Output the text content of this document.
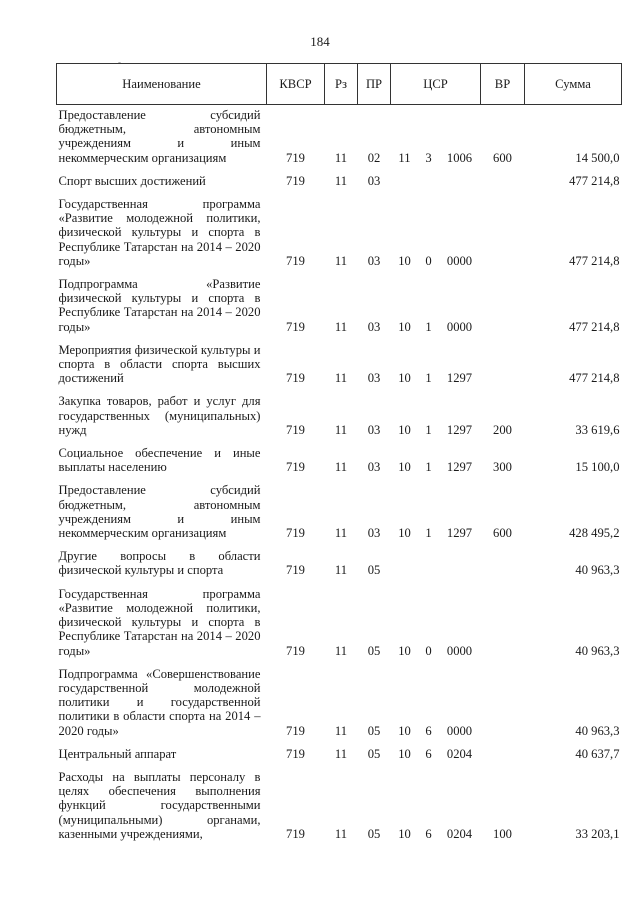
184
-
Наименование	КВСР	Рз	ПР	ЦСР			ВР	Сумма
Предоставление субсидий бюджетным, автономным учреждениям и иным некоммерческим организациям	719	11	02	11	3	1006	600	14 500,0
Спорт высших достижений	719	11	03					477 214,8
Государственная программа «Развитие молодежной политики, физической культуры и спорта в Республике Татарстан на 2014 – 2020 годы»	719	11	03	10	0	0000		477 214,8
Подпрограмма «Развитие физической культуры и спорта в Республике Татарстан на 2014 – 2020 годы»	719	11	03	10	1	0000		477 214,8
Мероприятия физической культуры и спорта в области спорта высших достижений	719	11	03	10	1	1297		477 214,8
Закупка товаров, работ и услуг для государственных (муниципальных) нужд	719	11	03	10	1	1297	200	33 619,6
Социальное обеспечение и иные выплаты населению	719	11	03	10	1	1297	300	15 100,0
Предоставление субсидий бюджетным, автономным учреждениям и иным некоммерческим организациям	719	11	03	10	1	1297	600	428 495,2
Другие вопросы в области физической культуры и спорта	719	11	05					40 963,3
Государственная программа «Развитие молодежной политики, физической культуры и спорта в Республике Татарстан на 2014 – 2020 годы»	719	11	05	10	0	0000		40 963,3
Подпрограмма «Совершенствование государственной молодежной политики и государственной политики в области спорта на 2014 – 2020 годы»	719	11	05	10	6	0000		40 963,3
Центральный аппарат	719	11	05	10	6	0204		40 637,7
Расходы на выплаты персоналу в целях обеспечения выполнения функций государственными (муниципальными) органами, казенными учреждениями,	719	11	05	10	6	0204	100	33 203,1
